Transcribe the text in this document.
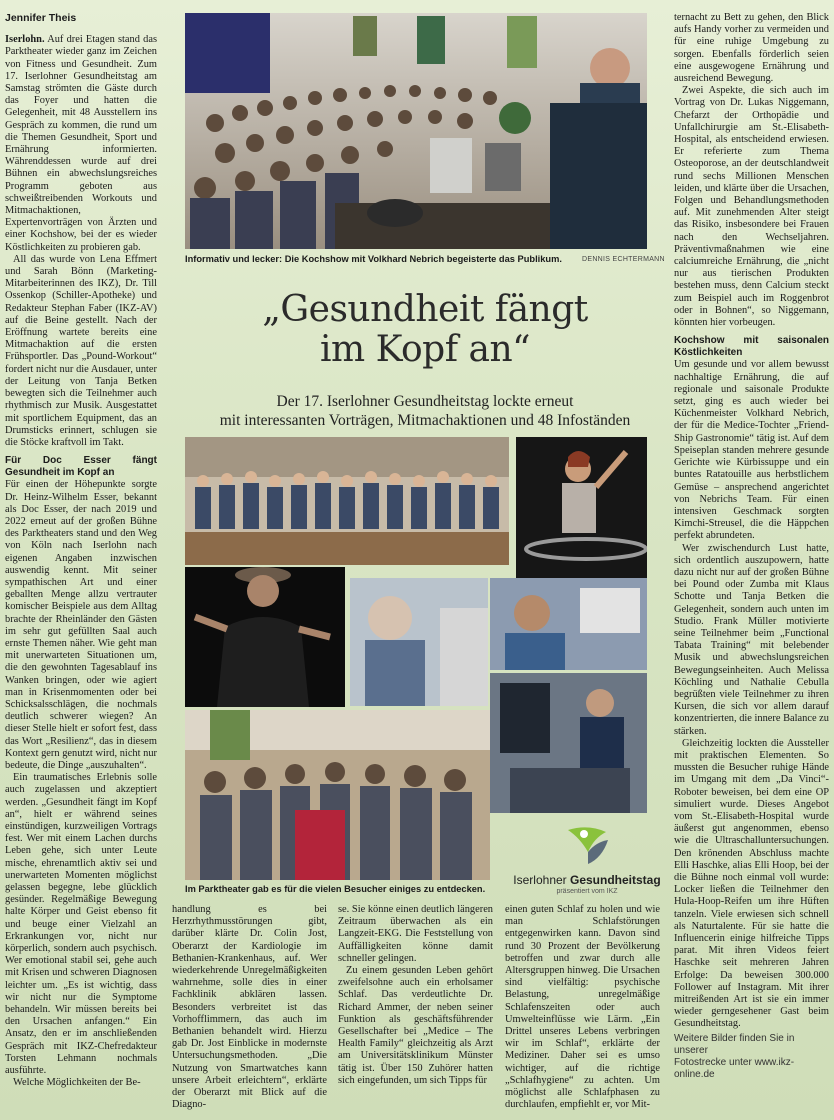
Jennifer Theis

Iserlohn. Auf drei Etagen stand das Parktheater wieder ganz im Zeichen von Fitness und Gesundheit. Zum 17. Iserlohner Gesundheitstag am Samstag strömten die Gäste durch das Foyer und hatten die Gelegenheit, mit 48 Ausstellern ins Gespräch zu kommen, die rund um die Themen Gesundheit, Sport und Ernährung informierten. Währenddessen wurde auf drei Bühnen ein abwechslungsreiches Programm geboten aus schweißtreibenden Workouts und Mitmachaktionen, Expertenvorträgen von Ärzten und einer Kochshow, bei der es wieder Köstlichkeiten zu probieren gab.

All das wurde von Lena Effmert und Sarah Bönn (Marketing-Mitarbeiterinnen des IKZ), Dr. Till Ossenkop (Schiller-Apotheke) und Redakteur Stephan Faber (IKZ-AV) auf die Beine gestellt. Nach der Eröffnung wartete bereits eine Mitmachaktion auf die ersten Frühsportler. Das „Pound-Workout“ fordert nicht nur die Ausdauer, unter der Leitung von Tanja Betken bewegten sich die Teilnehmer auch rhythmisch zur Musik. Ausgestattet mit sportlichem Equipment, das an Drumsticks erinnert, schlugen sie die Stöcke kraftvoll im Takt.

Für Doc Esser fängt Gesundheit im Kopf an

Für einen der Höhepunkte sorgte Dr. Heinz-Wilhelm Esser, bekannt als Doc Esser, der nach 2019 und 2022 erneut auf der großen Bühne des Parktheaters stand und den Weg von Köln nach Iserlohn nach eigenen Angaben inzwischen auswendig kennt. Mit seiner sympathischen Art und einer geballten Menge allzu vertrauter komischer Beispiele aus dem Alltag brachte der Rheinländer den Gästen im sehr gut gefüllten Saal auch ernste Themen näher. Wie geht man mit unerwarteten Situationen um, die den gewohnten Tagesablauf ins Wanken bringen, oder wie agiert man in Krisenmomenten oder bei Schicksalsschlägen, die nochmals deutlich schwerer wiegen? An dieser Stelle hielt er sofort fest, dass das Wort „Resilienz“, das in diesem Kontext gern genutzt wird, nicht nur bedeute, die Dinge „auszuhalten“.

Ein traumatisches Erlebnis solle auch zugelassen und akzeptiert werden. „Gesundheit fängt im Kopf an“, hielt er während seines einstündigen, kurzweiligen Vortrags fest. Wer mit einem Lachen durchs Leben gehe, sich unter Leute mische, ehrenamtlich aktiv sei und unerwarteten Momenten möglichst gelassen begegne, lebe glücklich gesünder. Regelmäßige Bewegung halte Körper und Geist ebenso fit und beuge einer Vielzahl an Erkrankungen vor, nicht nur körperlich, sondern auch psychisch. Wer emotional stabil sei, gehe auch mit Krisen und schweren Diagnosen leichter um. „Es ist wichtig, dass wir nicht nur die Symptome behandeln. Wir müssen bereits bei den Ursachen anfangen.“ Ein Ansatz, den er im anschließenden Gespräch mit IKZ-Chefredakteur Torsten Lehmann nochmals ausführte.

Welche Möglichkeiten der Be-

Informativ und lecker: Die Kochshow mit Volkhard Nebrich begeisterte das Publikum.	DENNIS ECHTERMANN
„Gesundheit fängt
im Kopf an“
Der 17. Iserlohner Gesundheitstag lockte erneut
mit interessanten Vorträgen, Mitmachaktionen und 48 Infoständen
Im Parktheater gab es für die vielen Besucher einiges zu entdecken.
Iserlohner Gesundheitstag
präsentiert vom IKZ

handlung es bei Herzrhythmusstörungen gibt, darüber klärte Dr. Colin Jost, Oberarzt der Kardiologie im Bethanien-Krankenhaus, auf. Wer wiederkehrende Unregelmäßigkeiten wahrnehme, solle dies in einer Fachklinik abklären lassen. Besonders verbreitet ist das Vorhofflimmern, das auch im Bethanien behandelt wird. Hierzu gab Dr. Jost Einblicke in modernste Untersuchungsmethoden. „Die Nutzung von Smartwatches kann unsere Arbeit erleichtern“, erklärte der Oberarzt mit Blick auf die Diagno-

se. Sie könne einen deutlich längeren Zeitraum überwachen als ein Langzeit-EKG. Die Feststellung von Auffälligkeiten könne damit schneller gelingen.

Zu einem gesunden Leben gehört zweifelsohne auch ein erholsamer Schlaf. Das verdeutlichte Dr. Richard Ammer, der neben seiner Funktion als geschäftsführender Gesellschafter bei „Medice – The Health Family“ gleichzeitig als Arzt am Universitätsklinikum Münster tätig ist. Über 150 Zuhörer hatten sich eingefunden, um sich Tipps für

einen guten Schlaf zu holen und wie man Schlafstörungen entgegenwirken kann. Davon sind rund 30 Prozent der Bevölkerung betroffen und zwar durch alle Altersgruppen hinweg. Die Ursachen sind vielfältig: psychische Belastung, unregelmäßige Schlafenszeiten oder auch Umwelteinflüsse wie Lärm. „Ein Drittel unseres Lebens verbringen wir im Schlaf“, erklärte der Mediziner. Daher sei es umso wichtiger, auf die richtige „Schlafhygiene“ zu achten. Um möglichst alle Schlafphasen zu durchlaufen, empfiehlt er, vor Mit-

ternacht zu Bett zu gehen, den Blick aufs Handy vorher zu vermeiden und für eine ruhige Umgebung zu sorgen. Ebenfalls förderlich seien eine ausgewogene Ernährung und ausreichend Bewegung.

Zwei Aspekte, die sich auch im Vortrag von Dr. Lukas Niggemann, Chefarzt der Orthopädie und Unfallchirurgie am St.-Elisabeth-Hospital, als entscheidend erwiesen. Er referierte zum Thema Osteoporose, an der deutschlandweit rund sechs Millionen Menschen leiden, und klärte über die Ursachen, Folgen und Behandlungsmethoden auf. Mit zunehmenden Alter steigt das Risiko, insbesondere bei Frauen nach den Wechseljahren. Präventivmaßnahmen wie eine calciumreiche Ernährung, die „nicht nur aus tierischen Produkten bestehen muss, denn Calcium steckt zum Beispiel auch im Roggenbrot oder in Bohnen“, so Niggemann, könnten hier vorbeugen.

Kochshow mit saisonalen Köstlichkeiten

Um gesunde und vor allem bewusst nachhaltige Ernährung, die auf regionale und saisonale Produkte setzt, ging es auch wieder bei Küchenmeister Volkhard Nebrich, der für die Medice-Tochter „Friend-Ship Gastronomie“ tätig ist. Auf dem Speiseplan standen mehrere gesunde Gerichte wie Kürbissuppe und ein buntes Ratatouille aus herbstlichem Gemüse – ansprechend angerichtet von Nebrichs Team. Für einen intensiven Geschmack sorgten Kimchi-Streusel, die die Häppchen perfekt abrundeten.

Wer zwischendurch Lust hatte, sich ordentlich auszupowern, hatte dazu nicht nur auf der großen Bühne bei Pound oder Zumba mit Klaus Schotte und Tanja Betken die Gelegenheit, sondern auch unten im Studio. Frank Müller motivierte seine Teilnehmer beim „Functional Tabata Training“ mit belebender Musik und abwechslungsreichen Bewegungseinheiten. Auch Melissa Köchling und Nathalie Cebulla begrüßten viele Teilnehmer zu ihren Kursen, die sich vor allem darauf konzentrierten, die innere Balance zu stärken.

Gleichzeitig lockten die Aussteller mit praktischen Elementen. So mussten die Besucher ruhige Hände im Umgang mit dem „Da Vinci“-Roboter beweisen, bei dem eine OP simuliert wurde. Dieses Angebot vom St.-Elisabeth-Hospital wurde äußerst gut angenommen, ebenso wie die Ultraschalluntersuchungen. Den krönenden Abschluss machte Elli Haschke, alias Elli Hoop, bei der die Bühne noch einmal voll wurde: Locker ließen die Teilnehmer den Hula-Hoop-Reifen um ihre Hüften tanzeln. Viele erwiesen sich schnell als Naturtalente. Für sie hatte die Influencerin einige hilfreiche Tipps parat. Mit ihren Videos feiert Haschke seit mehreren Jahren Erfolge: Da beweisen 300.000 Follower auf Instagram. Mit ihrer mitreißenden Art ist sie ein immer wieder gerngesehener Gast beim Gesundheitstag.

Weitere Bilder finden Sie in unserer
Fotostrecke unter www.ikz-online.de
